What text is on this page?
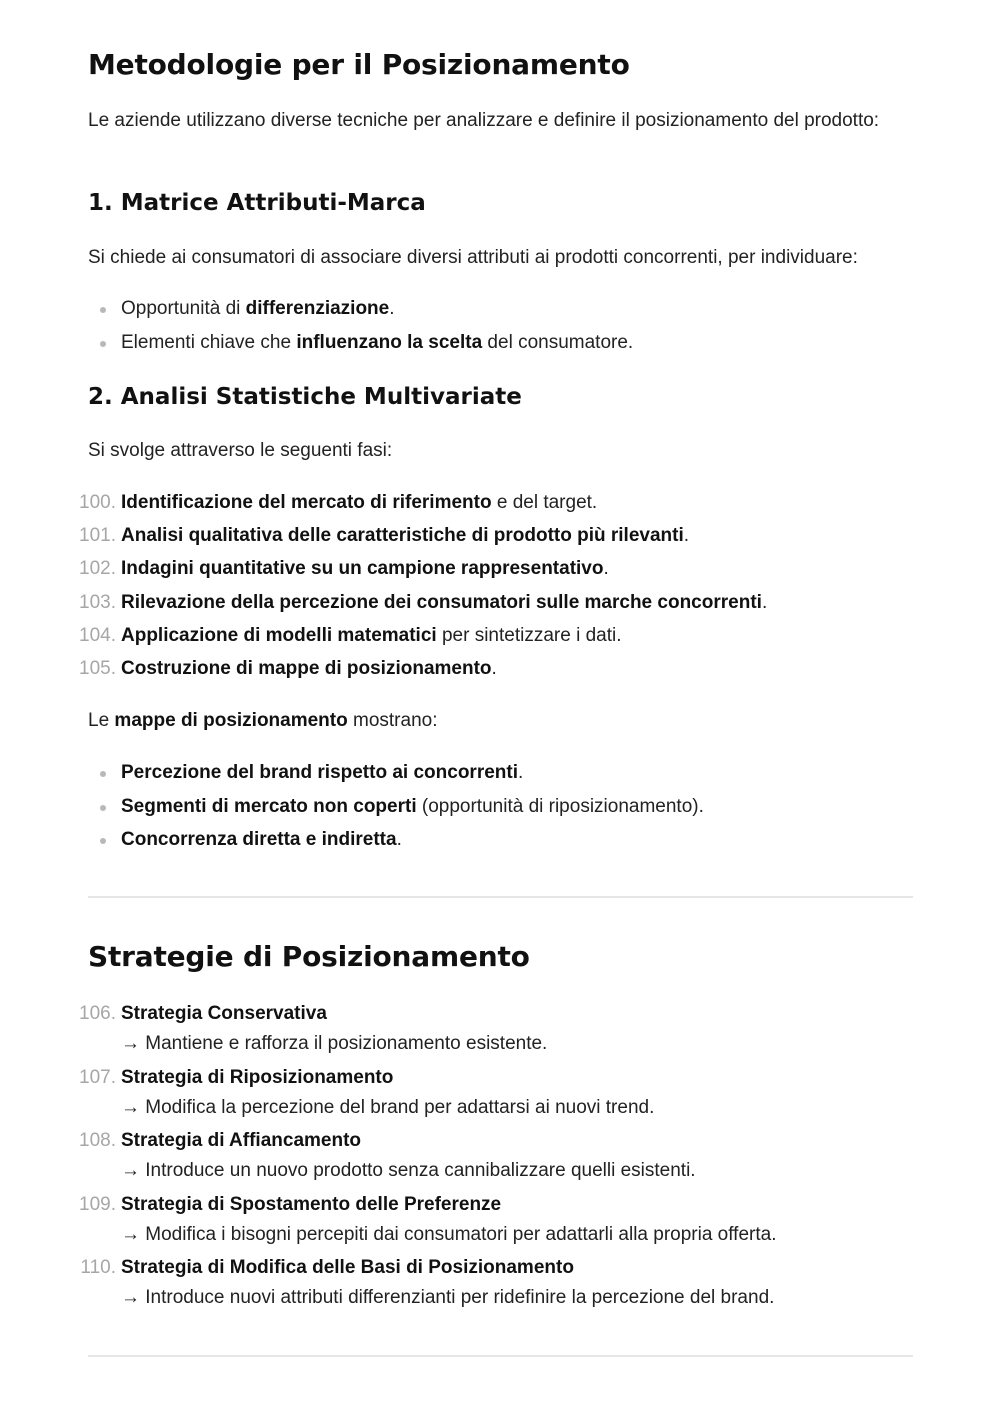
Metodologie per il Posizionamento

Le aziende utilizzano diverse tecniche per analizzare e definire il posizionamento del prodotto:

1. Matrice Attributi-Marca

Si chiede ai consumatori di associare diversi attributi ai prodotti concorrenti, per individuare:

Opportunità di differenziazione.
Elementi chiave che influenzano la scelta del consumatore.
2. Analisi Statistiche Multivariate

Si svolge attraverso le seguenti fasi:

100. Identificazione del mercato di riferimento e del target.
101. Analisi qualitativa delle caratteristiche di prodotto più rilevanti.
102. Indagini quantitative su un campione rappresentativo.
103. Rilevazione della percezione dei consumatori sulle marche concorrenti.
104. Applicazione di modelli matematici per sintetizzare i dati.
105. Costruzione di mappe di posizionamento.

Le mappe di posizionamento mostrano:

Percezione del brand rispetto ai concorrenti.
Segmenti di mercato non coperti (opportunità di riposizionamento).
Concorrenza diretta e indiretta.
Strategie di Posizionamento
106. Strategia Conservativa
→ Mantiene e rafforza il posizionamento esistente.
107. Strategia di Riposizionamento
→ Modifica la percezione del brand per adattarsi ai nuovi trend.
108. Strategia di Affiancamento
→ Introduce un nuovo prodotto senza cannibalizzare quelli esistenti.
109. Strategia di Spostamento delle Preferenze
→ Modifica i bisogni percepiti dai consumatori per adattarli alla propria offerta.
110. Strategia di Modifica delle Basi di Posizionamento
→ Introduce nuovi attributi differenzianti per ridefinire la percezione del brand.
